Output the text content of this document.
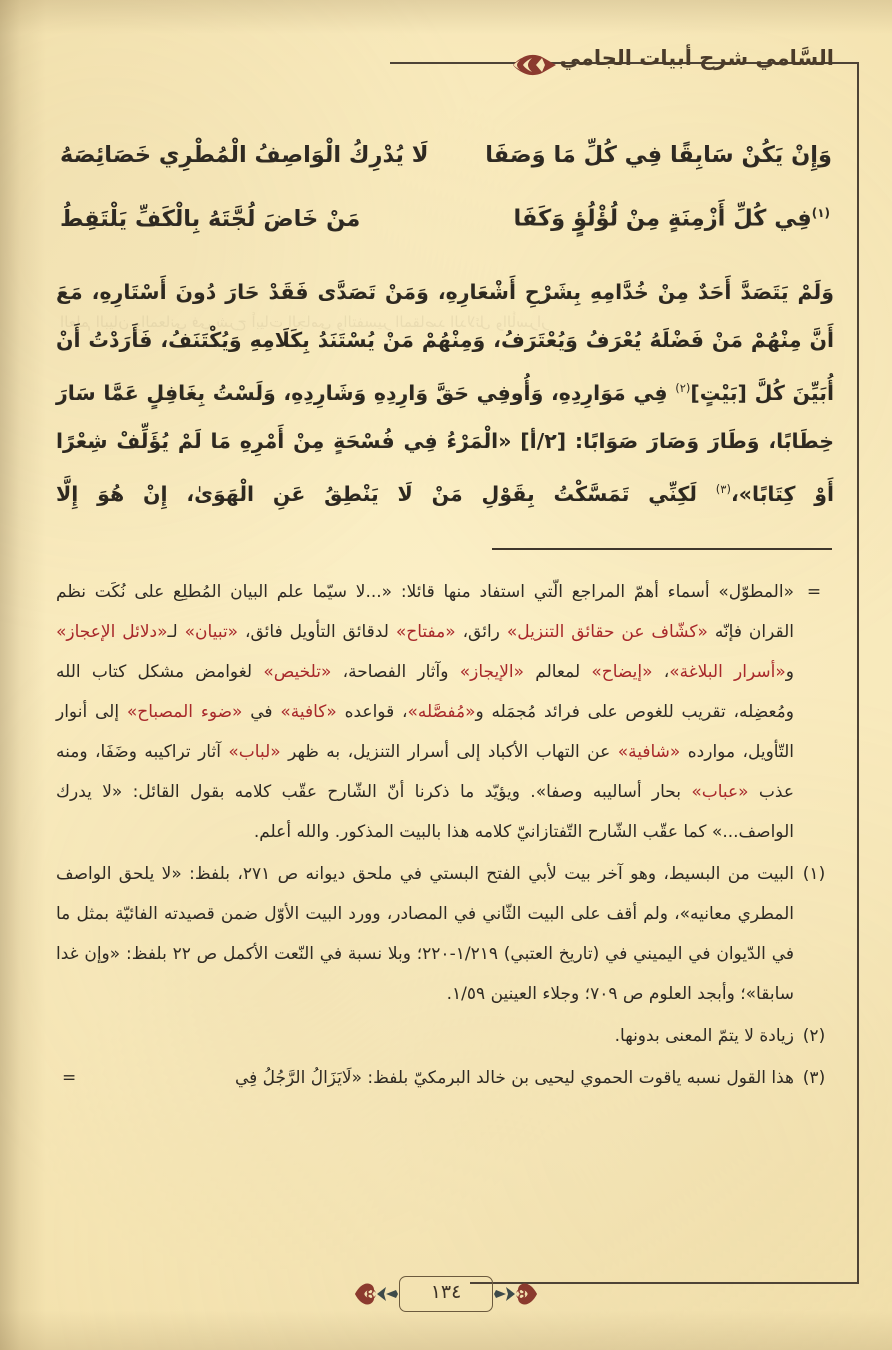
العلم البيان والمعاني في شرح أبيات الجامي والتفسير المقاصد الدلائل والأسرار
السَّامي شرح أبيات الجامي
وَإِنْ يَكُنْ سَابِقًا فِي كُلِّ مَا وَصَفَا
لَا يُدْرِكُ الْوَاصِفُ الْمُطْرِي خَصَائِصَهُ
$^{(١)}$فِي كُلِّ أَزْمِنَةٍ مِنْ لُؤْلُؤٍ وَكَفَا
مَنْ خَاضَ لُجَّتَهُ بِالْكَفِّ يَلْتَقِطُ

وَلَمْ يَتَصَدَّ أَحَدٌ مِنْ خُدَّامِهِ بِشَرْحِ أَشْعَارِهِ، وَمَنْ تَصَدَّى فَقَدْ حَارَ دُونَ أَسْتَارِهِ، مَعَ أَنَّ مِنْهُمْ مَنْ فَضْلَهُ يُعْرَفُ وَيُعْتَرَفُ، وَمِنْهُمْ مَنْ يُسْتَنَدُ بِكَلَامِهِ وَيُكْتَنَفُ، فَأَرَدْتُ أَنْ أُبَيِّنَ كُلَّ [بَيْتٍ]$^{(٢)}$ فِي مَوَارِدِهِ، وَأُوفِي حَقَّ وَارِدِهِ وَشَارِدِهِ، وَلَسْتُ بِغَافِلٍ عَمَّا سَارَ خِطَابًا، وَطَارَ وَصَارَ صَوَابًا: [٢/أ] «الْمَرْءُ فِي فُسْحَةٍ مِنْ أَمْرِهِ مَا لَمْ يُؤَلِّفْ شِعْرًا أَوْ كِتَابًا»،$^{(٣)}$ لَكِنِّي تَمَسَّكْتُ بِقَوْلِ مَنْ لَا يَنْطِقُ عَنِ الْهَوَىٰ، إِنْ هُوَ إِلَّا

=
«المطوّل» أسماء أهمّ المراجع الّتي استفاد منها قائلا: «...لا سيّما علم البيان المُطلِع على نُكَت نظم القران فإنّه «كشّاف عن حقائق التنزيل» رائق، «مفتاح» لدقائق التأويل فائق، «تبيان» لـ«دلائل الإعجاز» و«أسرار البلاغة»، «إيضاح» لمعالم «الإيجاز» وآثار الفصاحة، «تلخيص» لغوامض مشكل كتاب الله ومُعضِله، تقريب للغوص على فرائد مُجمَله و«مُفصَّله»، قواعده «كافية» في «ضوء المصباح» إلى أنوار التّأويل، موارده «شافية» عن التهاب الأكباد إلى أسرار التنزيل، به ظهر «لباب» آثار تراكيبه وضَفَا، ومنه عذب «عباب» بحار أساليبه وصفا». ويؤيّد ما ذكرنا أنّ الشّارح عقّب كلامه بقول القائل: «لا يدرك الواصف...» كما عقّب الشّارح التّفتازانيّ كلامه هذا بالبيت المذكور. والله أعلم.
(١)
البيت من البسيط، وهو آخر بيت لأبي الفتح البستي في ملحق ديوانه ص ٢٧١، بلفظ: «لا يلحق الواصف المطري معانيه»، ولم أقف على البيت الثّاني في المصادر، وورد البيت الأوّل ضمن قصيدته الفائيّة بمثل ما في الدّيوان في اليميني في (تاريخ العتبي) ١/٢١٩-٢٢٠؛ وبلا نسبة في النّعت الأكمل ص ٢٢ بلفظ: «وإن غدا سابقا»؛ وأبجد العلوم ص ٧٠٩؛ وجلاء العينين ١/٥٩.
(٢)
زيادة لا يتمّ المعنى بدونها.
(٣)
هذا القول نسبه ياقوت الحموي ليحيى بن خالد البرمكيّ بلفظ: «لَايَزَالُ الرَّجُلُ فِي
=
١٣٤
